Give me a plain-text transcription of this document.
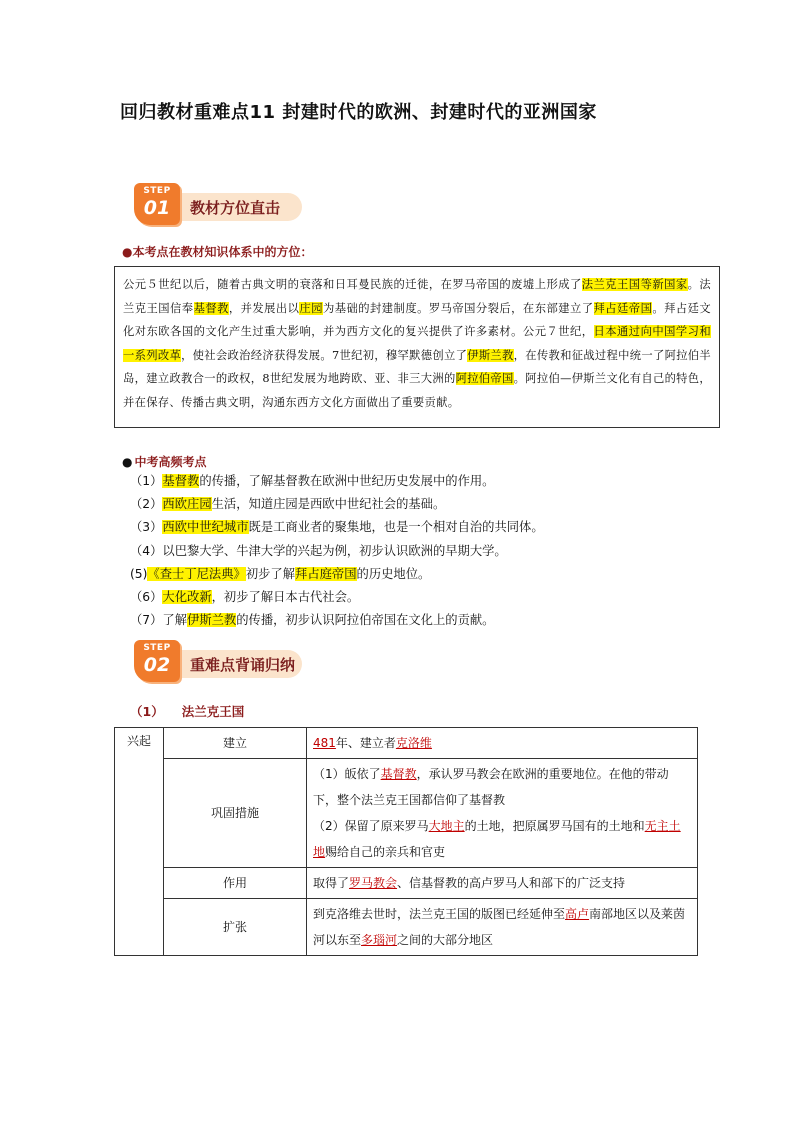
回归教材重难点11 封建时代的欧洲、封建时代的亚洲国家
STEP
01	教材方位直击
●本考点在教材知识体系中的方位：
公元５世纪以后，随着古典文明的衰落和日耳曼民族的迁徙，在罗马帝国的废墟上形成了法兰克王国等新国家。法兰克王国信奉基督教，并发展出以庄园为基础的封建制度。罗马帝国分裂后，在东部建立了拜占廷帝国。拜占廷文化对东欧各国的文化产生过重大影响，并为西方文化的复兴提供了许多素材。公元７世纪，日本通过向中国学习和一系列改革，使社会政治经济获得发展。7世纪初，穆罕默德创立了伊斯兰教，在传教和征战过程中统一了阿拉伯半岛，建立政教合一的政权，8世纪发展为地跨欧、亚、非三大洲的阿拉伯帝国。阿拉伯—伊斯兰文化有自己的特色，并在保存、传播古典文明，沟通东西方文化方面做出了重要贡献。
● 中考高频考点
（1）基督教的传播，了解基督教在欧洲中世纪历史发展中的作用。
（2）西欧庄园生活，知道庄园是西欧中世纪社会的基础。
（3）西欧中世纪城市既是工商业者的聚集地，也是一个相对自治的共同体。
（4）以巴黎大学、牛津大学的兴起为例，初步认识欧洲的早期大学。
(5)《查士丁尼法典》初步了解拜占庭帝国的历史地位。
（6）大化改新，初步了解日本古代社会。
（7）了解伊斯兰教的传播，初步认识阿拉伯帝国在文化上的贡献。
STEP
02	重难点背诵归纳
（1） 法兰克王国
兴起	建立	481年、建立者克洛维
	巩固措施	（1）皈依了基督教，承认罗马教会在欧洲的重要地位。在他的带动下，整个法兰克王国都信仰了基督教
（2）保留了原来罗马大地主的土地，把原属罗马国有的土地和无主土地赐给自己的亲兵和官吏
	作用	取得了罗马教会、信基督教的高卢罗马人和部下的广泛支持
	扩张	到克洛维去世时，法兰克王国的版图已经延伸至高卢南部地区以及莱茵河以东至多瑙河之间的大部分地区
